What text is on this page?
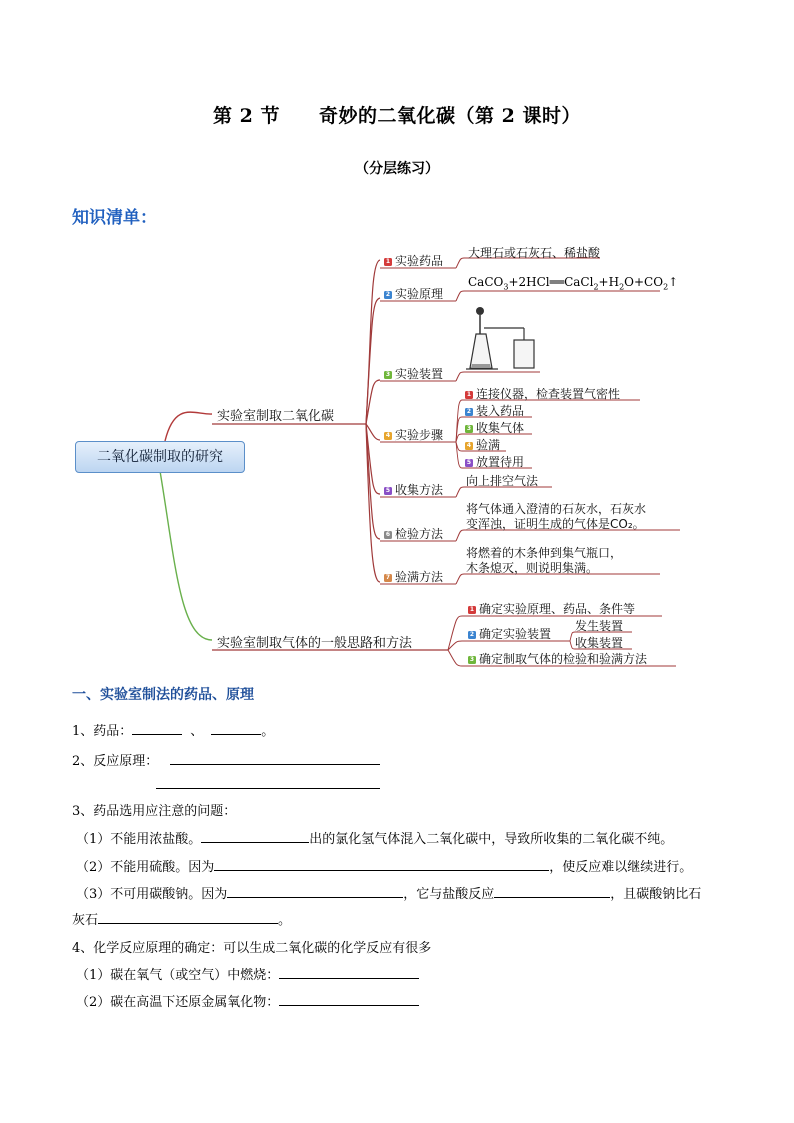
第 2 节　　奇妙的二氧化碳（第 2 课时）
（分层练习）
知识清单：
二氧化碳制取的研究
实验室制取二氧化碳
1 实验药品
大理石或石灰石、稀盐酸
2 实验原理
$CaCO_3+2HCl══CaCl_2+H_2O+CO_2↑$
3 实验装置
4 实验步骤
1 连接仪器，检查装置气密性
2 装入药品
3 收集气体
4 验满
5 放置待用
5 收集方法
向上排空气法
6 检验方法
将气体通入澄清的石灰水，石灰水
变浑浊，证明生成的气体是CO₂。
7 验满方法
将燃着的木条伸到集气瓶口，
木条熄灭，则说明集满。
实验室制取气体的一般思路和方法
1 确定实验原理、药品、条件等
2 确定实验装置
发生装置
收集装置
3 确定制取气体的检验和验满方法
一、实验室制法的药品、原理
1、药品：	、	。
2、反应原理：
3、药品选用应注意的问题：
（1）不能用浓盐酸。	出的氯化氢气体混入二氧化碳中，导致所收集的二氧化碳不纯。
（2）不能用硫酸。因为	，使反应难以继续进行。
（3）不可用碳酸钠。因为	，它与盐酸反应	，且碳酸钠比石
灰石	。
4、化学反应原理的确定：可以生成二氧化碳的化学反应有很多
（1）碳在氧气（或空气）中燃烧：
（2）碳在高温下还原金属氧化物：
